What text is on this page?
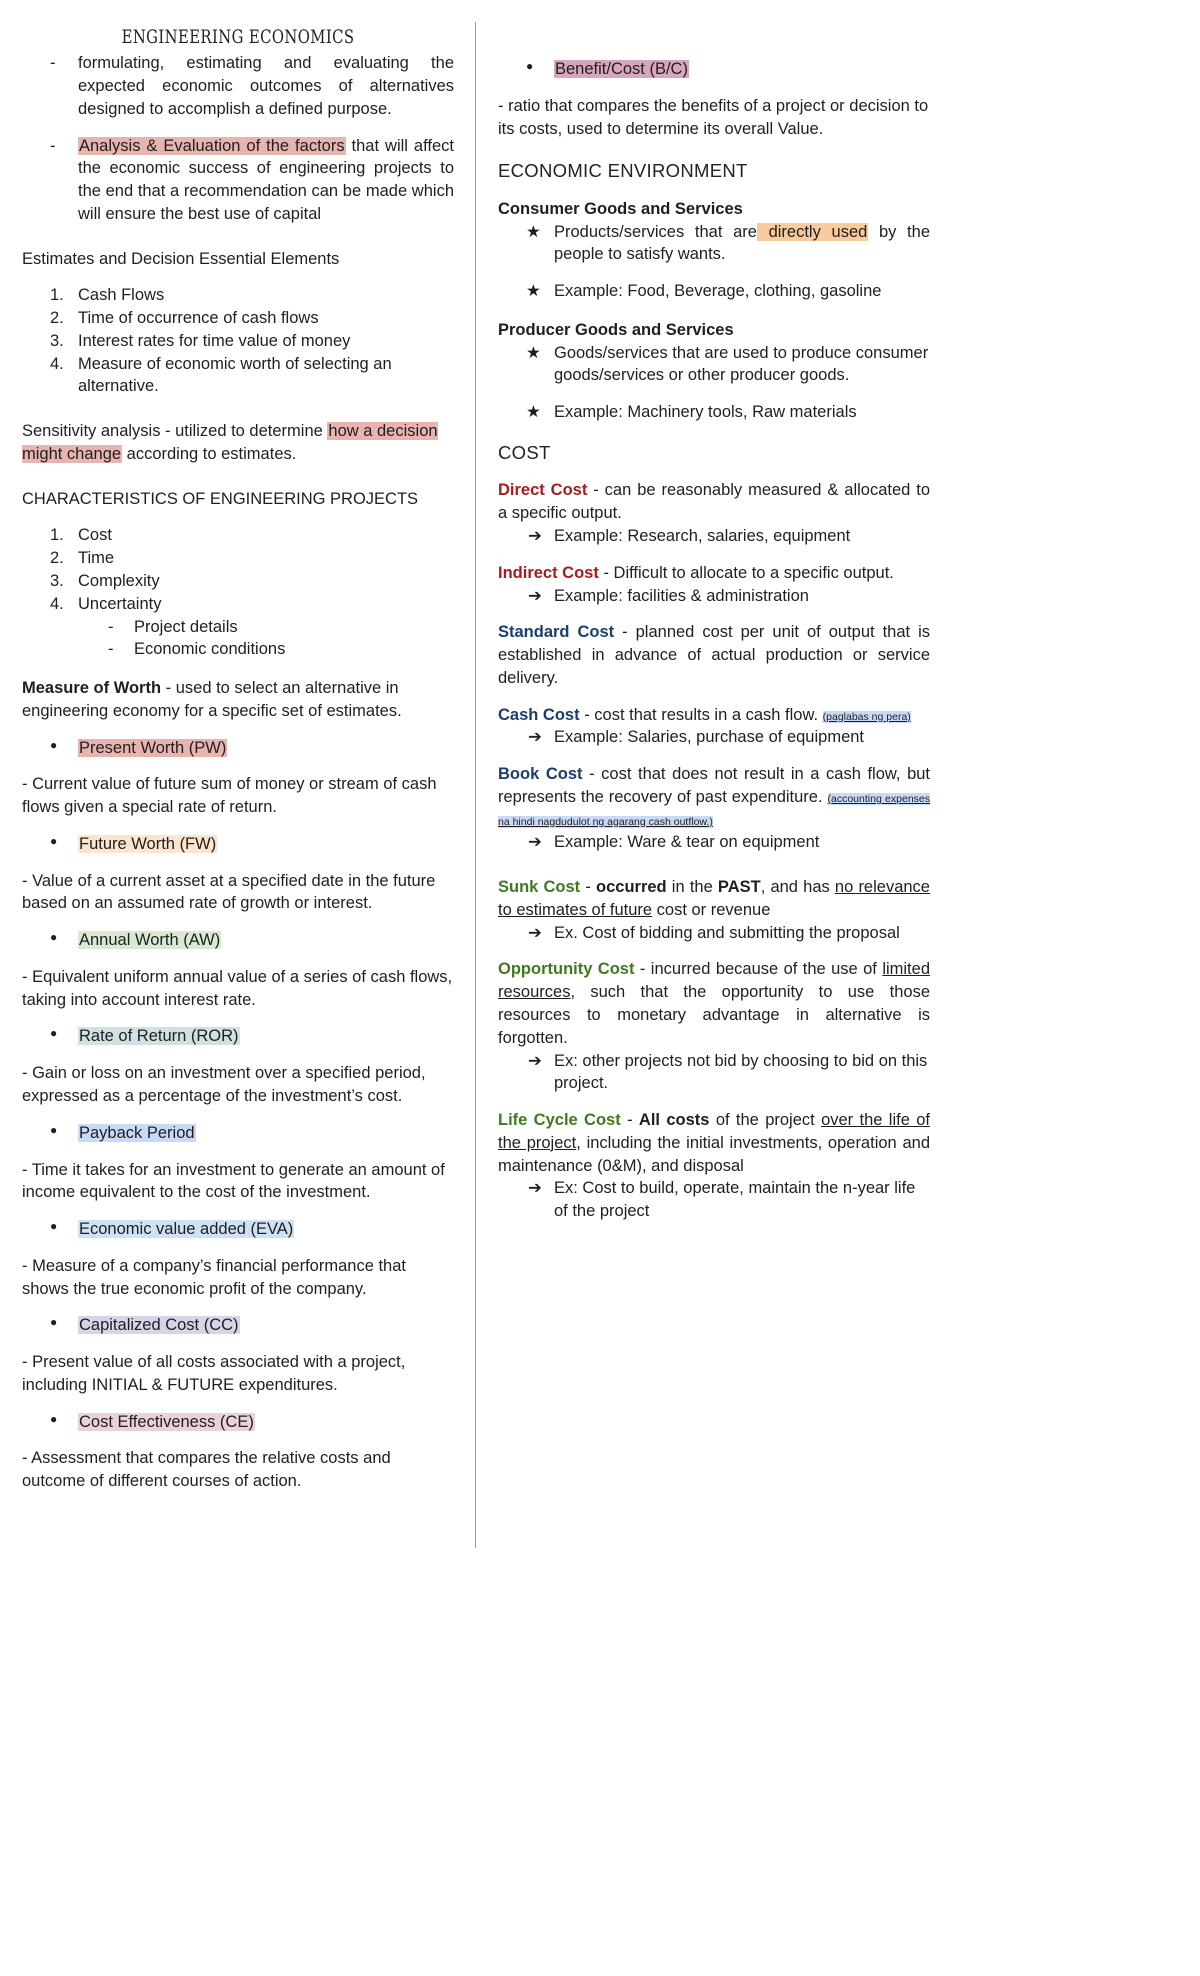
ENGINEERING ECONOMICS
- formulating, estimating and evaluating the expected economic outcomes of alternatives designed to accomplish a defined purpose.
- Analysis & Evaluation of the factors that will affect the economic success of engineering projects to the end that a recommendation can be made which will ensure the best use of capital

Estimates and Decision Essential Elements

1. Cash Flows
2. Time of occurrence of cash flows
3. Interest rates for time value of money
4. Measure of economic worth of selecting an alternative.

Sensitivity analysis - utilized to determine how a decision might change according to estimates.

CHARACTERISTICS OF ENGINEERING PROJECTS

1. Cost
2. Time
3. Complexity
4. Uncertainty
- Project details
- Economic conditions

Measure of Worth - used to select an alternative in engineering economy for a specific set of estimates.

● Present Worth (PW)

- Current value of future sum of money or stream of cash flows given a special rate of return.

● Future Worth (FW)

- Value of a current asset at a specified date in the future based on an assumed rate of growth or interest.

● Annual Worth (AW)

- Equivalent uniform annual value of a series of cash flows, taking into account interest rate.

● Rate of Return (ROR)

- Gain or loss on an investment over a specified period, expressed as a percentage of the investment’s cost.

● Payback Period

- Time it takes for an investment to generate an amount of income equivalent to the cost of the investment.

● Economic value added (EVA)

- Measure of a company’s financial performance that shows the true economic profit of the company.

● Capitalized Cost (CC)

- Present value of all costs associated with a project, including INITIAL & FUTURE expenditures.

● Cost Effectiveness (CE)

- Assessment that compares the relative costs and outcome of different courses of action.

● Benefit/Cost (B/C)

- ratio that compares the benefits of a project or decision to its costs, used to determine its overall Value.

ECONOMIC ENVIRONMENT

Consumer Goods and Services

★ Products/services that are directly used by the people to satisfy wants.
★ Example: Food, Beverage, clothing, gasoline

Producer Goods and Services

★ Goods/services that are used to produce consumer goods/services or other producer goods.
★ Example: Machinery tools, Raw materials

COST

Direct Cost - can be reasonably measured & allocated to a specific output.

➔ Example: Research, salaries, equipment

Indirect Cost - Difficult to allocate to a specific output.

➔ Example: facilities & administration

Standard Cost - planned cost per unit of output that is established in advance of actual production or service delivery.

Cash Cost - cost that results in a cash flow. (paglabas ng pera)

➔ Example: Salaries, purchase of equipment

Book Cost - cost that does not result in a cash flow, but represents the recovery of past expenditure. (accounting expenses na hindi nagdudulot ng agarang cash outflow.)

➔ Example: Ware & tear on equipment

Sunk Cost - occurred in the PAST, and has no relevance to estimates of future cost or revenue

➔ Ex. Cost of bidding and submitting the proposal

Opportunity Cost - incurred because of the use of limited resources, such that the opportunity to use those resources to monetary advantage in alternative is forgotten.

➔ Ex: other projects not bid by choosing to bid on this project.

Life Cycle Cost - All costs of the project over the life of the project, including the initial investments, operation and maintenance (0&M), and disposal

➔ Ex: Cost to build, operate, maintain the n-year life of the project
